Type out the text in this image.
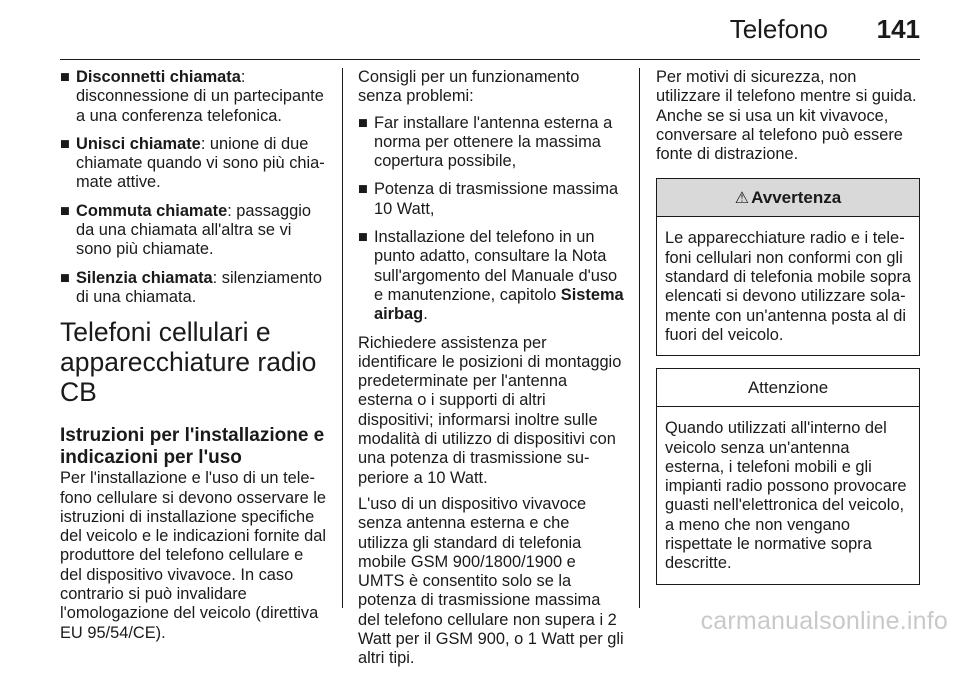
Telefono 141
■ Disconnetti chiamata: disconnessione di un partecipante a una conferenza telefonica.
■ Unisci chiamate: unione di due chiamate quando vi sono più chiamate attive.
■ Commuta chiamate: passaggio da una chiamata all'altra se vi sono più chiamate.
■ Silenzia chiamata: silenziamento di una chiamata.
Telefoni cellulari e apparecchiature radio CB
Istruzioni per l'installazione e indicazioni per l'uso
Per l'installazione e l'uso di un telefono cellulare si devono osservare le istruzioni di installazione specifiche del veicolo e le indicazioni fornite dal produttore del telefono cellulare e del dispositivo vivavoce. In caso contrario si può invalidare l'omologazione del veicolo (direttiva EU 95/54/CE).
Consigli per un funzionamento senza problemi:
■ Far installare l'antenna esterna a norma per ottenere la massima copertura possibile,
■ Potenza di trasmissione massima 10 Watt,
■ Installazione del telefono in un punto adatto, consultare la Nota sull'argomento del Manuale d'uso e manutenzione, capitolo Sistema airbag.
Richiedere assistenza per identificare le posizioni di montaggio predeterminate per l'antenna esterna o i supporti di altri dispositivi; informarsi inoltre sulle modalità di utilizzo di dispositivi con una potenza di trasmissione superiore a 10 Watt.
L'uso di un dispositivo vivavoce senza antenna esterna e che utilizza gli standard di telefonia mobile GSM 900/1800/1900 e UMTS è consentito solo se la potenza di trasmissione massima del telefono cellulare non supera i 2 Watt per il GSM 900, o 1 Watt per gli altri tipi.
Per motivi di sicurezza, non utilizzare il telefono mentre si guida. Anche se si usa un kit vivavoce, conversare al telefono può essere fonte di distrazione.
⚠ Avvertenza
Le apparecchiature radio e i telefoni cellulari non conformi con gli standard di telefonia mobile sopra elencati si devono utilizzare solamente con un'antenna posta al di fuori del veicolo.
Attenzione
Quando utilizzati all'interno del veicolo senza un'antenna esterna, i telefoni mobili e gli impianti radio possono provocare guasti nell'elettronica del veicolo, a meno che non vengano rispettate le normative sopra descritte.
carmanualsonline.info
